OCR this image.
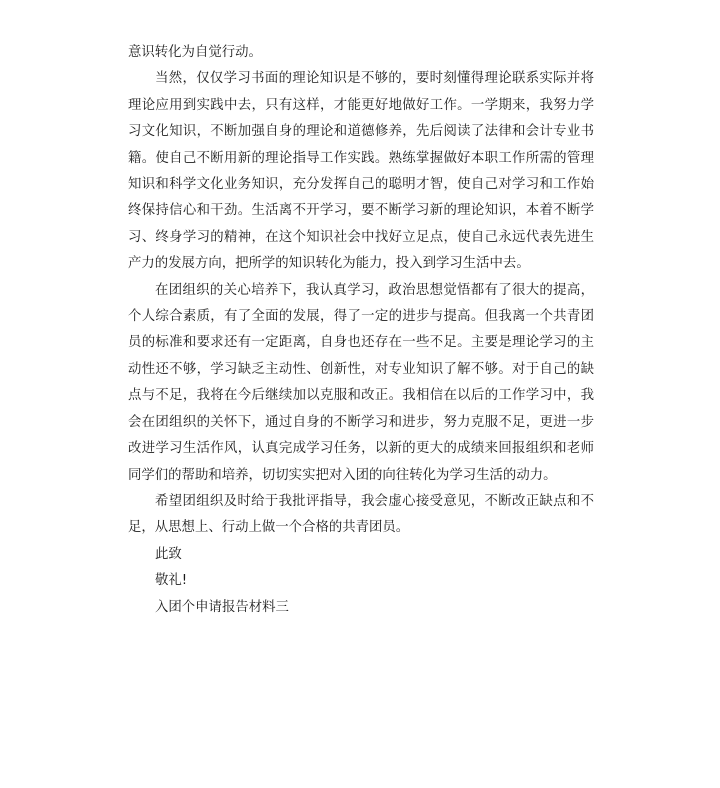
意识转化为自觉行动。

当然，仅仅学习书面的理论知识是不够的，要时刻懂得理论联系实际并将理论应用到实践中去，只有这样，才能更好地做好工作。一学期来，我努力学习文化知识，不断加强自身的理论和道德修养，先后阅读了法律和会计专业书籍。使自己不断用新的理论指导工作实践。熟练掌握做好本职工作所需的管理知识和科学文化业务知识，充分发挥自己的聪明才智，使自己对学习和工作始终保持信心和干劲。生活离不开学习，要不断学习新的理论知识，本着不断学习、终身学习的精神，在这个知识社会中找好立足点，使自己永远代表先进生产力的发展方向，把所学的知识转化为能力，投入到学习生活中去。

在团组织的关心培养下，我认真学习，政治思想觉悟都有了很大的提高，个人综合素质，有了全面的发展，得了一定的进步与提高。但我离一个共青团员的标准和要求还有一定距离，自身也还存在一些不足。主要是理论学习的主动性还不够，学习缺乏主动性、创新性，对专业知识了解不够。对于自己的缺点与不足，我将在今后继续加以克服和改正。我相信在以后的工作学习中，我会在团组织的关怀下，通过自身的不断学习和进步，努力克服不足，更进一步改进学习生活作风，认真完成学习任务，以新的更大的成绩来回报组织和老师同学们的帮助和培养，切切实实把对入团的向往转化为学习生活的动力。

希望团组织及时给于我批评指导，我会虚心接受意见，不断改正缺点和不足，从思想上、行动上做一个合格的共青团员。

此致

敬礼!

入团个申请报告材料三
